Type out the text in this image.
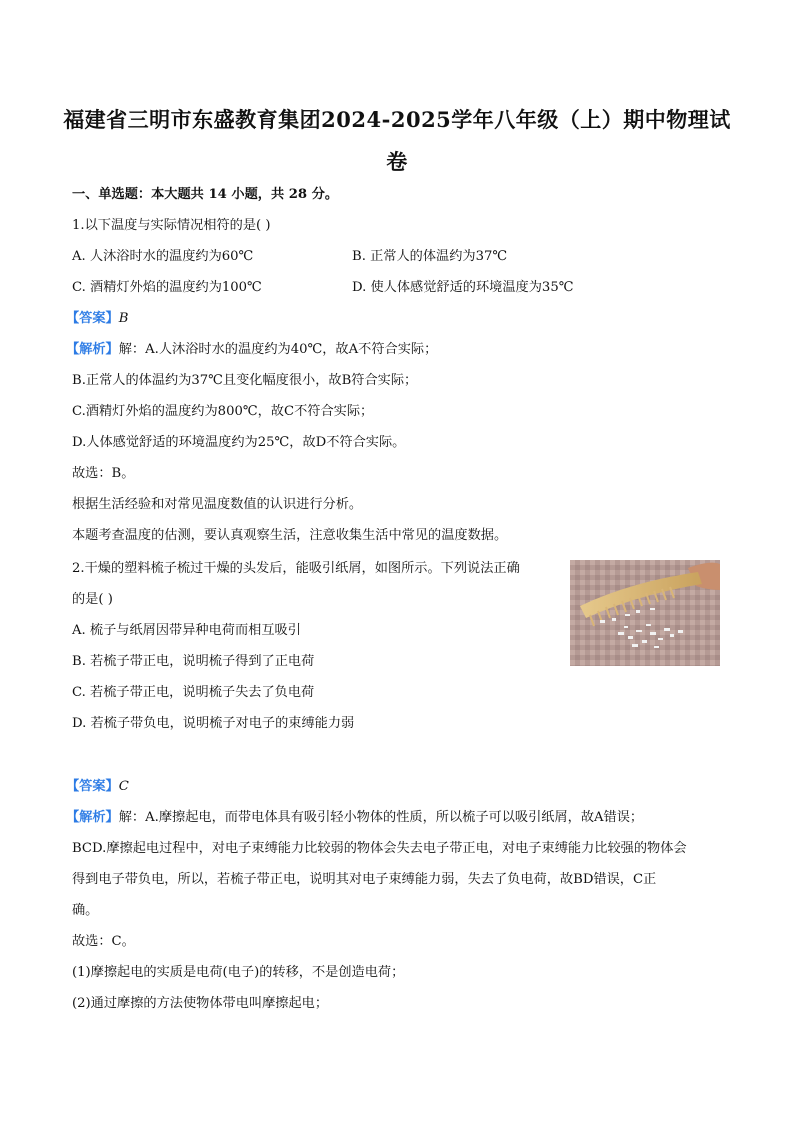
福建省三明市东盛教育集团2024-2025学年八年级（上）期中物理试
卷
一、单选题：本大题共 14 小题，共 28 分。
1.以下温度与实际情况相符的是( )
A. 人沐浴时水的温度约为60℃	B. 正常人的体温约为37℃
C. 酒精灯外焰的温度约为100℃	D. 使人体感觉舒适的环境温度为35℃
【答案】B
【解析】解：A.人沐浴时水的温度约为40℃，故A不符合实际；
B.正常人的体温约为37℃且变化幅度很小，故B符合实际；
C.酒精灯外焰的温度约为800℃，故C不符合实际；
D.人体感觉舒适的环境温度约为25℃，故D不符合实际。
故选：B。
根据生活经验和对常见温度数值的认识进行分析。
本题考查温度的估测，要认真观察生活，注意收集生活中常见的温度数据。
2.干燥的塑料梳子梳过干燥的头发后，能吸引纸屑，如图所示。下列说法正确
的是( )
A. 梳子与纸屑因带异种电荷而相互吸引
B. 若梳子带正电，说明梳子得到了正电荷
C. 若梳子带正电，说明梳子失去了负电荷
D. 若梳子带负电，说明梳子对电子的束缚能力弱
【答案】C
【解析】解：A.摩擦起电，而带电体具有吸引轻小物体的性质，所以梳子可以吸引纸屑，故A错误；
BCD.摩擦起电过程中，对电子束缚能力比较弱的物体会失去电子带正电，对电子束缚能力比较强的物体会
得到电子带负电，所以，若梳子带正电，说明其对电子束缚能力弱，失去了负电荷，故BD错误，C正
确。
故选：C。
(1)摩擦起电的实质是电荷(电子)的转移，不是创造电荷；
(2)通过摩擦的方法使物体带电叫摩擦起电；
